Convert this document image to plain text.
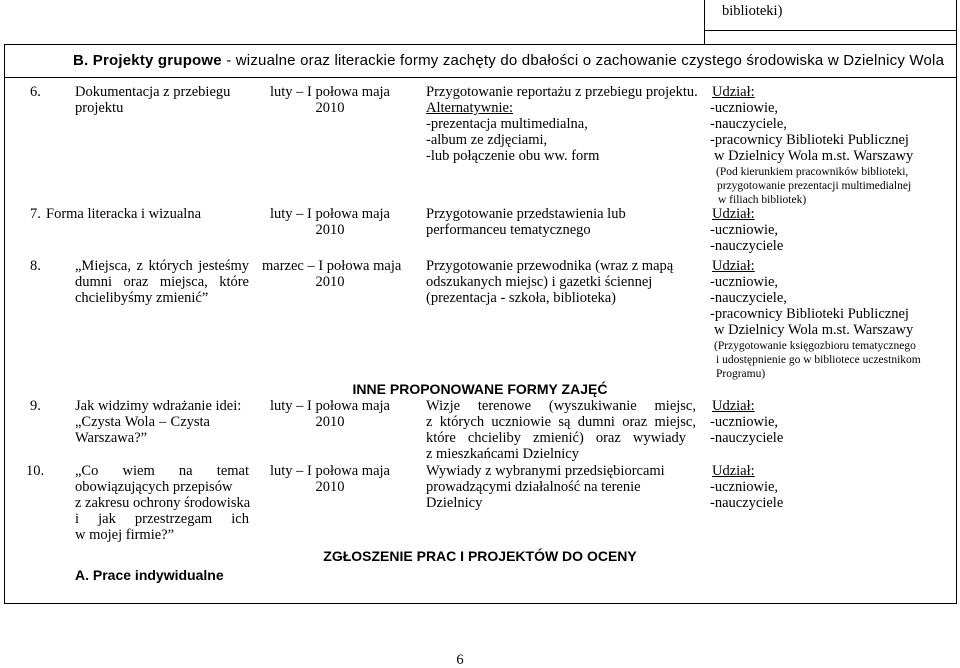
biblioteki)
B. Projekty grupowe - wizualne oraz literackie formy zachęty do dbałości o zachowanie czystego środowiska w Dzielnicy Wola
6. Dokumentacja z przebiegu
projektu
luty – I połowa maja
2010
Przygotowanie reportażu z przebiegu projektu.
Alternatywnie:
-prezentacja multimedialna,
-album ze zdjęciami,
-lub połączenie obu ww. form
Udział:
-uczniowie,
-nauczyciele,
-pracownicy Biblioteki Publicznej
w Dzielnicy Wola m.st. Warszawy
(Pod kierunkiem pracowników biblioteki,
przygotowanie prezentacji multimedialnej
w filiach bibliotek)
7. Forma literacka i wizualna	luty – I połowa maja
2010
Przygotowanie przedstawienia lub
performanceu tematycznego
Udział:
-uczniowie,
-nauczyciele
8. „Miejsca, z których jesteśmy
dumni oraz miejsca, które
chcielibyśmy zmienić”
marzec – I połowa maja
2010
Przygotowanie przewodnika (wraz z mapą
odszukanych miejsc) i gazetki ściennej
(prezentacja - szkoła, biblioteka)
Udział:
-uczniowie,
-nauczyciele,
-pracownicy Biblioteki Publicznej
w Dzielnicy Wola m.st. Warszawy
(Przygotowanie księgozbioru tematycznego
i udostępnienie go w bibliotece uczestnikom
Programu)
INNE PROPONOWANE FORMY ZAJĘĆ
9. Jak widzimy wdrażanie idei:
„Czysta Wola – Czysta
Warszawa?”
luty – I połowa maja
2010
Wizje terenowe (wyszukiwanie miejsc,
z których uczniowie są dumni oraz miejsc,
które chcieliby zmienić) oraz wywiady
z mieszkańcami Dzielnicy
Udział:
-uczniowie,
-nauczyciele
10. „Co wiem na temat
obowiązujących przepisów
z zakresu ochrony środowiska
i jak przestrzegam ich
w mojej firmie?”
luty – I połowa maja
2010
Wywiady z wybranymi przedsiębiorcami
prowadzącymi działalność na terenie
Dzielnicy
Udział:
-uczniowie,
-nauczyciele
ZGŁOSZENIE PRAC I PROJEKTÓW DO OCENY
A. Prace indywidualne
6
